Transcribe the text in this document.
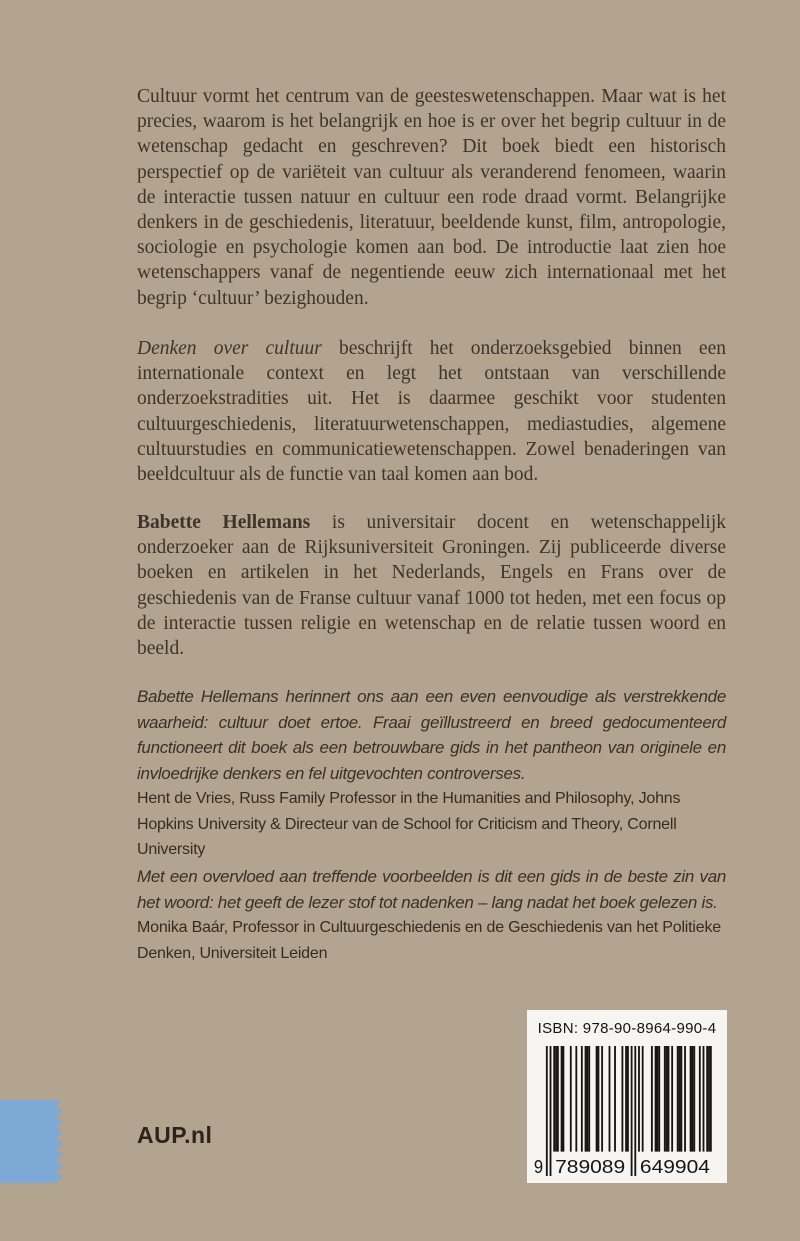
Cultuur vormt het centrum van de geesteswetenschappen. Maar wat is het precies, waarom is het belangrijk en hoe is er over het begrip cultuur in de wetenschap gedacht en geschreven? Dit boek biedt een historisch perspectief op de variëteit van cultuur als veranderend fenomeen, waarin de interactie tussen natuur en cultuur een rode draad vormt. Belangrijke denkers in de geschiedenis, literatuur, beeldende kunst, film, antropologie, sociologie en psychologie komen aan bod. De introductie laat zien hoe wetenschappers vanaf de negentiende eeuw zich internationaal met het begrip ‘cultuur’ bezighouden.

Denken over cultuur beschrijft het onderzoeksgebied binnen een internationale context en legt het ontstaan van verschillende onderzoekstradities uit. Het is daarmee geschikt voor studenten cultuurgeschiedenis, literatuurwetenschappen, mediastudies, algemene cultuurstudies en communicatiewetenschappen. Zowel benaderingen van beeldcultuur als de functie van taal komen aan bod.

Babette Hellemans is universitair docent en wetenschappelijk onderzoeker aan de Rijksuniversiteit Groningen. Zij publiceerde diverse boeken en artikelen in het Nederlands, Engels en Frans over de geschiedenis van de Franse cultuur vanaf 1000 tot heden, met een focus op de interactie tussen religie en wetenschap en de relatie tussen woord en beeld.

Babette Hellemans herinnert ons aan een even eenvoudige als verstrekkende waarheid: cultuur doet ertoe. Fraai geïllustreerd en breed gedocumenteerd functioneert dit boek als een betrouwbare gids in het pantheon van originele en invloedrijke denkers en fel uitgevochten controverses.

Hent de Vries, Russ Family Professor in the Humanities and Philosophy, Johns Hopkins University & Directeur van de School for Criticism and Theory, Cornell University

Met een overvloed aan treffende voorbeelden is dit een gids in de beste zin van het woord: het geeft de lezer stof tot nadenken – lang nadat het boek gelezen is.

Monika Baár, Professor in Cultuurgeschiedenis en de Geschiedenis van het Politieke Denken, Universiteit Leiden

AUP.nl
ISBN: 978-90-8964-990-4
9 789089 649904
